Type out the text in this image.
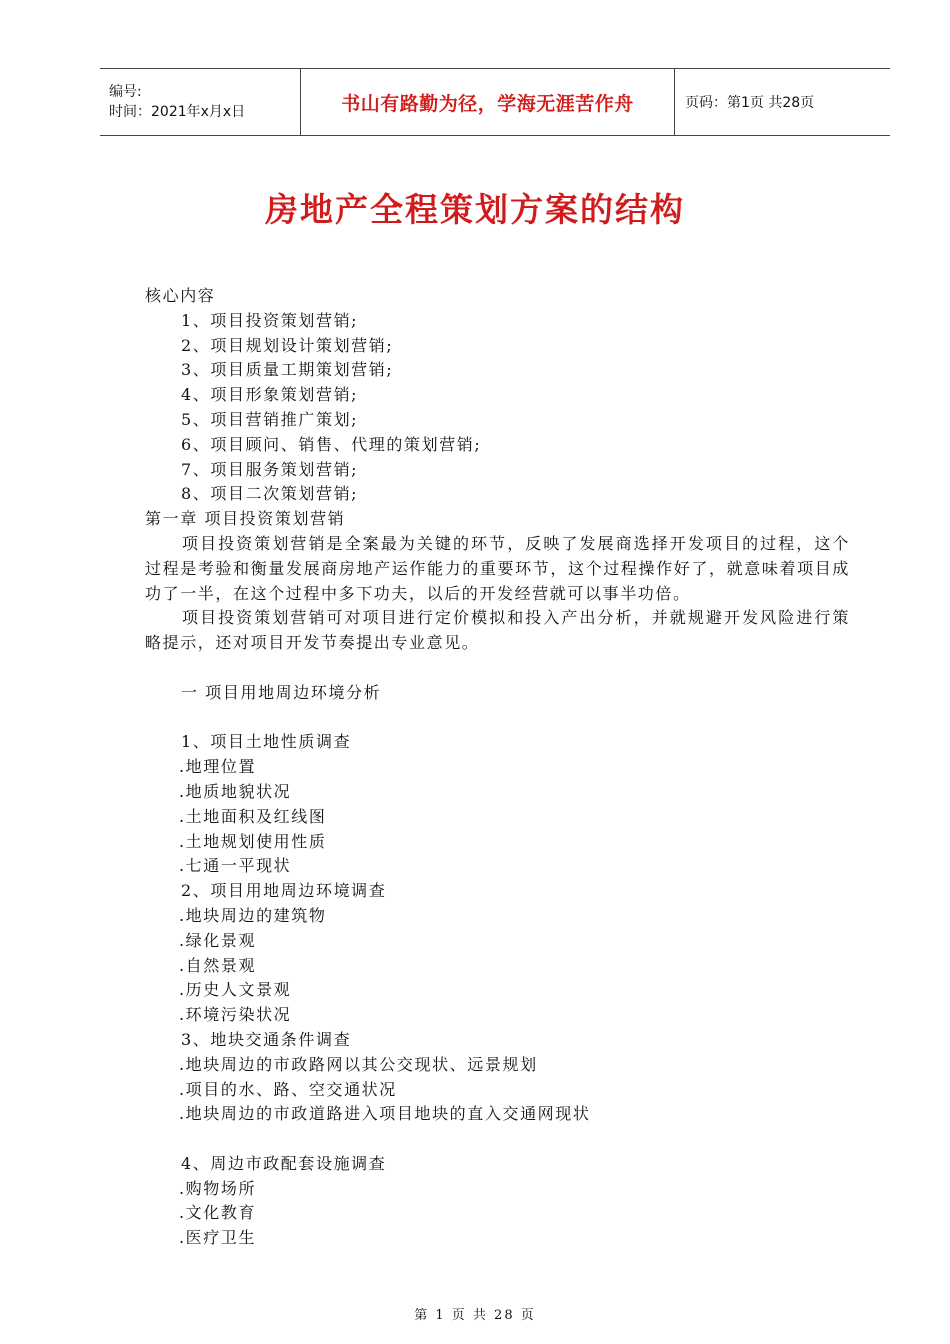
编号:
时间：2021年x月x日	书山有路勤为径，学海无涯苦作舟	页码：第1页 共28页
房地产全程策划方案的结构

核心内容

1、项目投资策划营销;

2、项目规划设计策划营销;

3、项目质量工期策划营销;

4、项目形象策划营销;

5、项目营销推广策划;

6、项目顾问、销售、代理的策划营销;

7、项目服务策划营销;

8、项目二次策划营销;

第一章 项目投资策划营销

项目投资策划营销是全案最为关键的环节，反映了发展商选择开发项目的过程，这个过程是考验和衡量发展商房地产运作能力的重要环节，这个过程操作好了，就意味着项目成功了一半，在这个过程中多下功夫，以后的开发经营就可以事半功倍。

项目投资策划营销可对项目进行定价模拟和投入产出分析，并就规避开发风险进行策略提示，还对项目开发节奏提出专业意见。

一 项目用地周边环境分析

1、项目土地性质调查

.地理位置

.地质地貌状况

.土地面积及红线图

.土地规划使用性质

.七通一平现状

2、项目用地周边环境调查

.地块周边的建筑物

.绿化景观

.自然景观

.历史人文景观

.环境污染状况

3、地块交通条件调查

.地块周边的市政路网以其公交现状、远景规划

.项目的水、路、空交通状况

.地块周边的市政道路进入项目地块的直入交通网现状

4、周边市政配套设施调查

.购物场所

.文化教育

.医疗卫生

第 1 页 共 28 页
